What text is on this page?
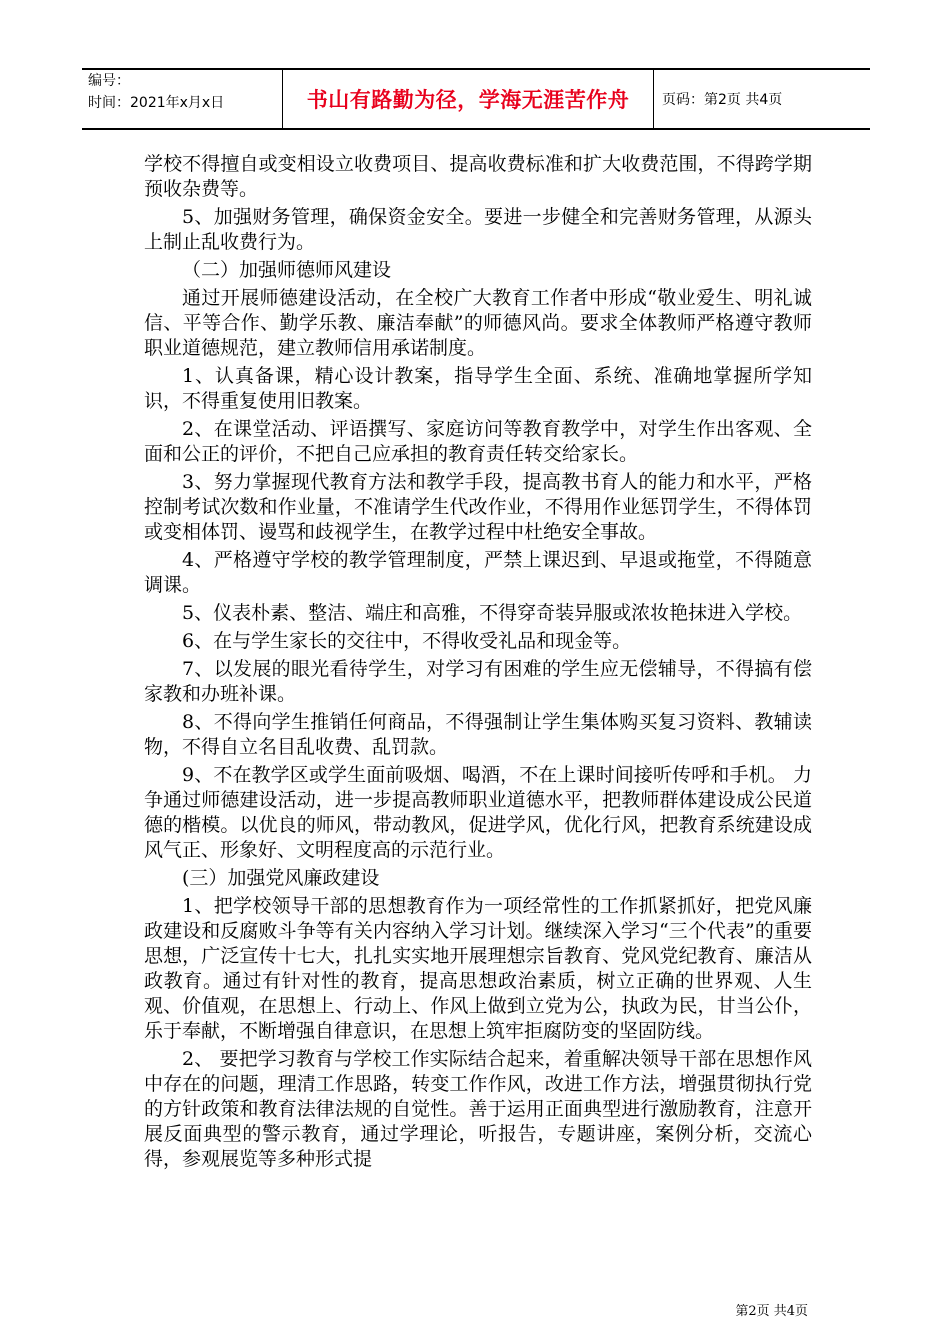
编号：
时间：2021年x月x日	书山有路勤为径，学海无涯苦作舟	页码：第2页 共4页

学校不得擅自或变相设立收费项目、提高收费标准和扩大收费范围，不得跨学期预收杂费等。

5、加强财务管理，确保资金安全。要进一步健全和完善财务管理，从源头上制止乱收费行为。

（二）加强师德师风建设

通过开展师德建设活动，在全校广大教育工作者中形成“敬业爱生、明礼诚信、平等合作、勤学乐教、廉洁奉献”的师德风尚。要求全体教师严格遵守教师职业道德规范，建立教师信用承诺制度。

1、认真备课，精心设计教案，指导学生全面、系统、准确地掌握所学知识，不得重复使用旧教案。

2、在课堂活动、评语撰写、家庭访问等教育教学中，对学生作出客观、全面和公正的评价，不把自己应承担的教育责任转交给家长。

3、努力掌握现代教育方法和教学手段，提高教书育人的能力和水平，严格控制考试次数和作业量，不准请学生代改作业，不得用作业惩罚学生，不得体罚或变相体罚、谩骂和歧视学生，在教学过程中杜绝安全事故。

4、严格遵守学校的教学管理制度，严禁上课迟到、早退或拖堂，不得随意调课。

5、仪表朴素、整洁、端庄和高雅，不得穿奇装异服或浓妆艳抹进入学校。

6、在与学生家长的交往中，不得收受礼品和现金等。

7、以发展的眼光看待学生，对学习有困难的学生应无偿辅导，不得搞有偿家教和办班补课。

8、不得向学生推销任何商品，不得强制让学生集体购买复习资料、教辅读物，不得自立名目乱收费、乱罚款。

9、不在教学区或学生面前吸烟、喝酒，不在上课时间接听传呼和手机。 力争通过师德建设活动，进一步提高教师职业道德水平，把教师群体建设成公民道德的楷模。以优良的师风，带动教风，促进学风，优化行风，把教育系统建设成风气正、形象好、文明程度高的示范行业。

(三）加强党风廉政建设

1、把学校领导干部的思想教育作为一项经常性的工作抓紧抓好，把党风廉政建设和反腐败斗争等有关内容纳入学习计划。继续深入学习“三个代表”的重要思想，广泛宣传十七大，扎扎实实地开展理想宗旨教育、党风党纪教育、廉洁从政教育。通过有针对性的教育，提高思想政治素质，树立正确的世界观、人生观、价值观，在思想上、行动上、作风上做到立党为公，执政为民，甘当公仆，乐于奉献，不断增强自律意识，在思想上筑牢拒腐防变的坚固防线。

2、 要把学习教育与学校工作实际结合起来，着重解决领导干部在思想作风中存在的问题，理清工作思路，转变工作作风，改进工作方法，增强贯彻执行党的方针政策和教育法律法规的自觉性。善于运用正面典型进行激励教育，注意开展反面典型的警示教育，通过学理论，听报告，专题讲座，案例分析，交流心得，参观展览等多种形式提

第2页 共4页
